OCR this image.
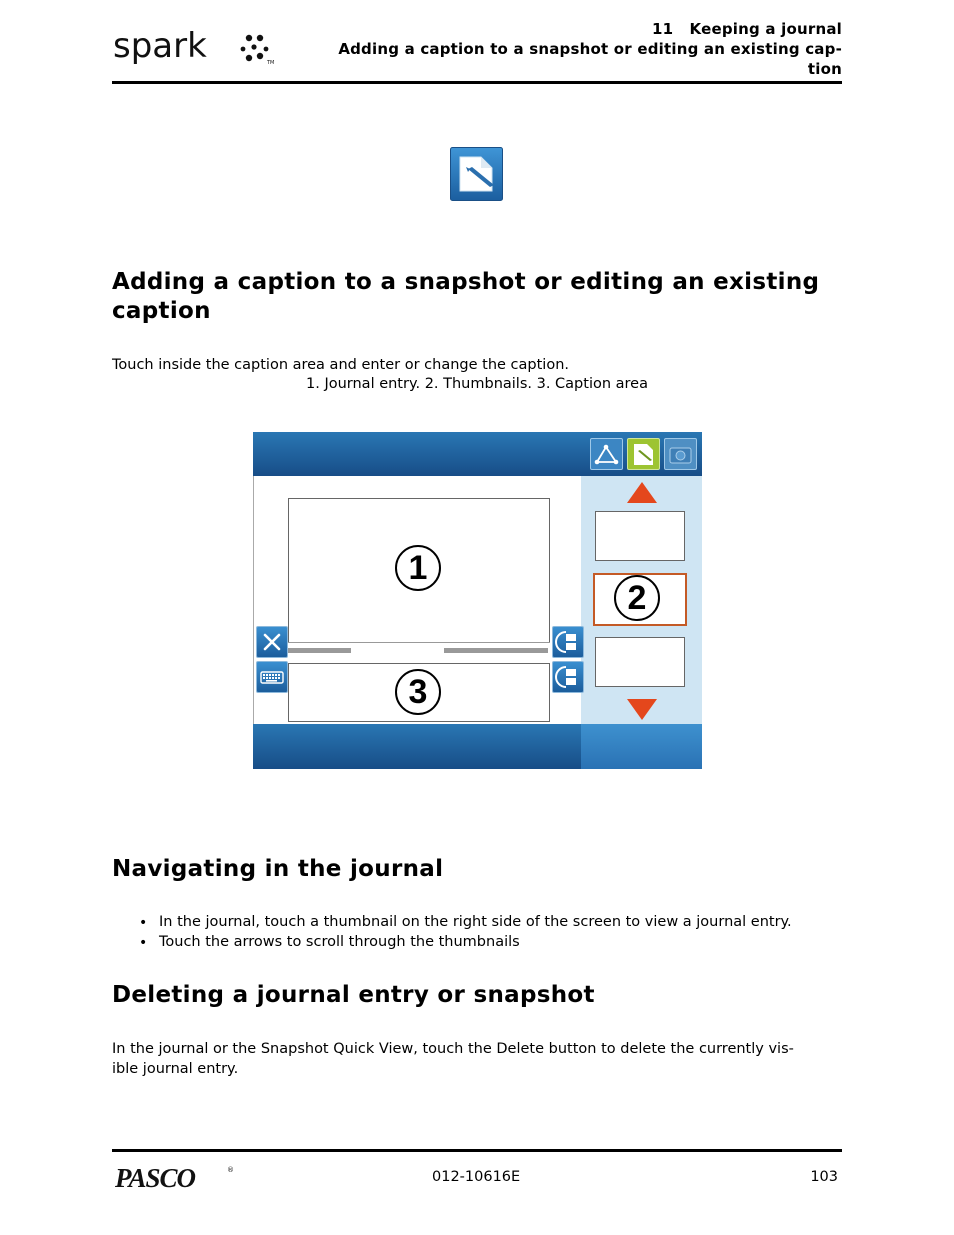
spark	TM
11   Keeping a journal
Adding a caption to a snapshot or editing an existing cap-
tion
Adding a caption to a snapshot or editing an existing caption
Touch inside the caption area and enter or change the caption.
1. Journal entry. 2. Thumbnails. 3. Caption area
1
2
3
Navigating in the journal
• In the journal, touch a thumbnail on the right side of the screen to view a journal entry.
• Touch the arrows to scroll through the thumbnails
Deleting a journal entry or snapshot
In the journal or the Snapshot Quick View, touch the Delete button to delete the currently vis-
ible journal entry.
PASCO	®	012-10616E	103
